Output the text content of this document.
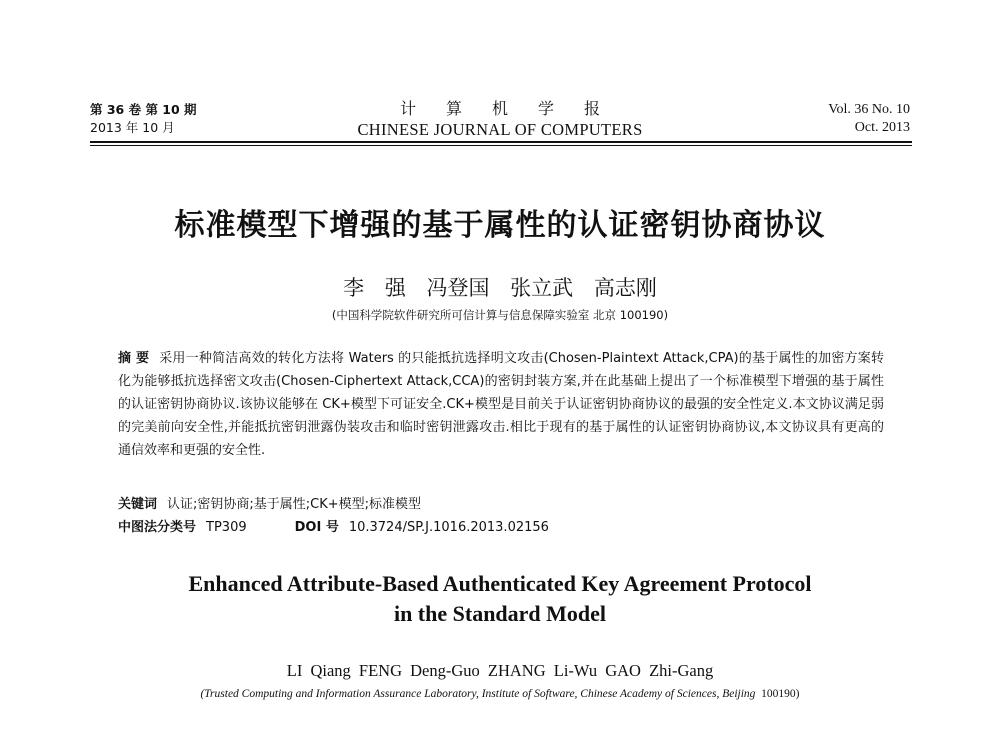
第 36 卷 第 10 期
2013 年 10 月
计算机学报
CHINESE JOURNAL OF COMPUTERS
Vol. 36 No. 10
Oct. 2013
标准模型下增强的基于属性的认证密钥协商协议
李 强 冯登国 张立武 高志刚
(中国科学院软件研究所可信计算与信息保障实验室 北京 100190)
摘 要 采用一种简洁高效的转化方法将 Waters 的只能抵抗选择明文攻击(Chosen-Plaintext Attack,CPA)的基于属性的加密方案转化为能够抵抗选择密文攻击(Chosen-Ciphertext Attack,CCA)的密钥封装方案,并在此基础上提出了一个标准模型下增强的基于属性的认证密钥协商协议.该协议能够在 CK+模型下可证安全.CK+模型是目前关于认证密钥协商协议的最强的安全性定义.本文协议满足弱的完美前向安全性,并能抵抗密钥泄露伪装攻击和临时密钥泄露攻击.相比于现有的基于属性的认证密钥协商协议,本文协议具有更高的通信效率和更强的安全性.
关键词 认证;密钥协商;基于属性;CK+模型;标准模型
中图法分类号 TP309	DOI 号 10.3724/SP.J.1016.2013.02156
Enhanced Attribute-Based Authenticated Key Agreement Protocol
in the Standard Model
LI Qiang FENG Deng-Guo ZHANG Li-Wu GAO Zhi-Gang
(Trusted Computing and Information Assurance Laboratory, Institute of Software, Chinese Academy of Sciences, Beijing 100190)
